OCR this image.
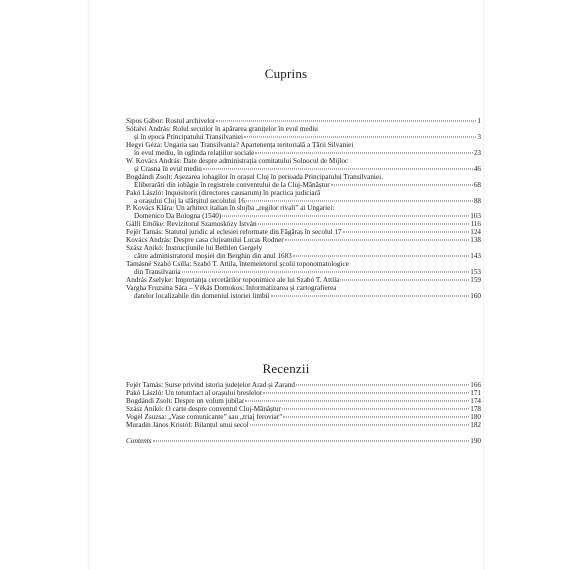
Cuprins
Sipos Gábor: Rostul archivelor	1
Sófalvi András: Rolul secuilor în apărarea granițelor în evul mediu
și în epoca Principatului Transilvaniei	3
Hegyi Géza: Ungaria sau Transilvania? Apartenența teritorială a Țării Silvaniei
în evul mediu, în oglinda relațiilor sociale	23
W. Kovács András: Date despre administrația comitatului Solnocul de Mijloc
și Crasna în evul mediu	46
Bogdándi Zsolt: Așezarea iobagilor în orașul Cluj în perioada Principatului Transilvaniei.
Eliberarări din iobăgie în registrele conventului de la Cluj-Mănăștur	68
Pakó László: Inquisitorii (directores causarum) în practica judiciară
a orașului Cluj la sfârșitul secolului 16	88
P. Kovács Klára: Un arhitect italian în slujba „regilor rivali” ai Ungariei:
Domenico Da Bologna (1540)	103
Gálfi Emőke: Revizitorul Szamosközy István	116
Fejér Tamás: Statutul juridic al eclesiei reformate din Făgăraș în secolul 17	124
Kovács András: Despre casa clujeanului Lucas Rodner	138
Szász Anikó: Instrucțiunile lui Bethlen Gergely
către administratorul moșiei din Berghin din anul 1683	143
Tamásné Szabó Csilla: Szabó T. Attila, întemeietorul școlii toponomatologice
din Transilvania	153
András Zselyke: Importanța cercetărilor toponimice ale lui Szabó T. Attila	159
Vargha Fruzsina Sára – Vékás Domokos: Informatizarea și cartografierea
datelor localizabile din domeniul istoriei limbii	160
Recenzii
Fejér Tamás: Surse privind istoria județelor Arad și Zarand	166
Pakó László: Un totumfact al orașului breslelor	171
Bogdándi Zsolt: Despre un volum jubilar	174
Szász Anikó: O carte despre conventul Cluj-Mănăștur	178
Vogel Zsuzsa: „Vase comunicante” sau „triaj feroviar”	180
Muradin János Kristóf: Bilanțul unui secol	182
Contents	190
